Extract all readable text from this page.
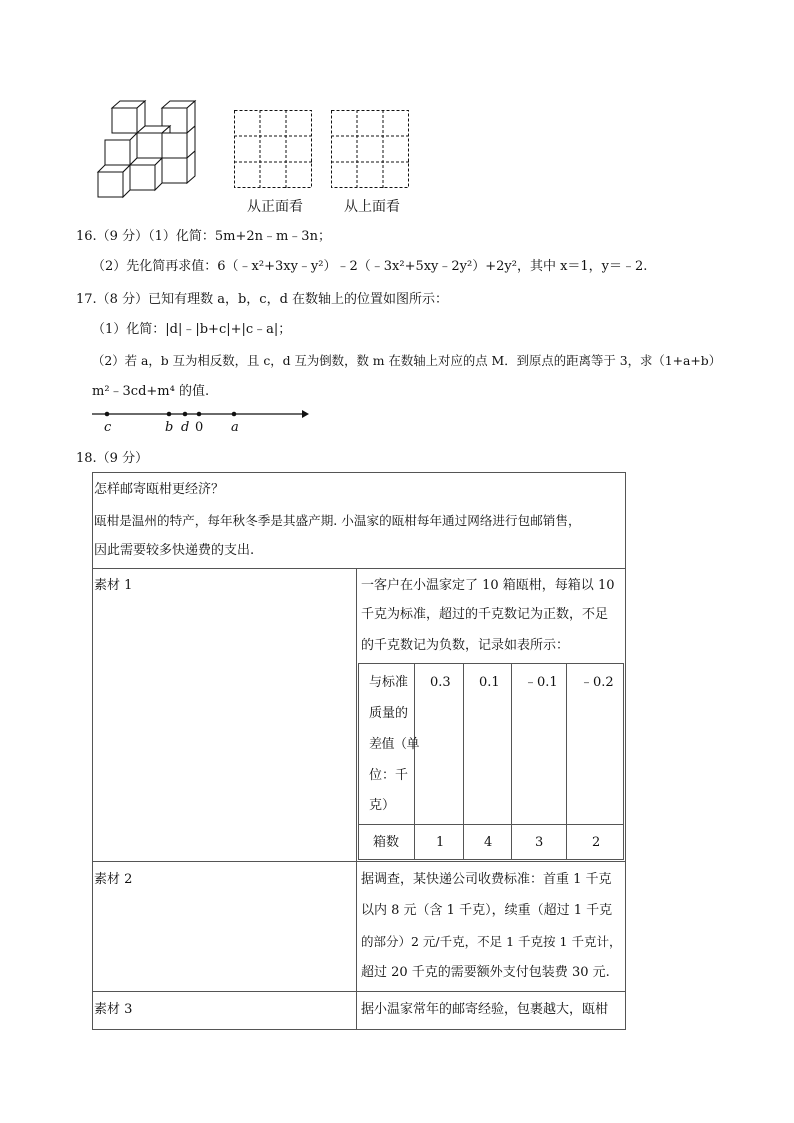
从正面看	从上面看
16.（9 分）（1）化简：5m+2n﹣m﹣3n；
（2）先化简再求值：6（﹣x²+3xy﹣y²）﹣2（﹣3x²+5xy﹣2y²）+2y²，其中 x＝1，y＝﹣2.
17.（8 分）已知有理数 a，b，c，d 在数轴上的位置如图所示：
（1）化简：|d|﹣|b+c|+|c﹣a|；
（2）若 a，b 互为相反数，且 c，d 互为倒数，数 m 在数轴上对应的点 M．到原点的距离等于 3，求（1+a+b）
m²﹣3cd+m⁴ 的值.
c	b d 0 a
18.（9 分）
怎样邮寄瓯柑更经济？
瓯柑是温州的特产，每年秋冬季是其盛产期. 小温家的瓯柑每年通过网络进行包邮销售，
因此需要较多快递费的支出.
素材 1	一客户在小温家定了 10 箱瓯柑，每箱以 10
千克为标准，超过的千克数记为正数，不足
的千克数记为负数，记录如表所示：
与标准
质量的
差值（单
位：千
克）
0.3 0.1 ﹣0.1 ﹣0.2
箱数	1	4	3	2
素材 2	据调查，某快递公司收费标准：首重 1 千克
以内 8 元（含 1 千克），续重（超过 1 千克
的部分）2 元/千克，不足 1 千克按 1 千克计，
超过 20 千克的需要额外支付包装费 30 元.
素材 3	据小温家常年的邮寄经验，包裹越大，瓯柑
